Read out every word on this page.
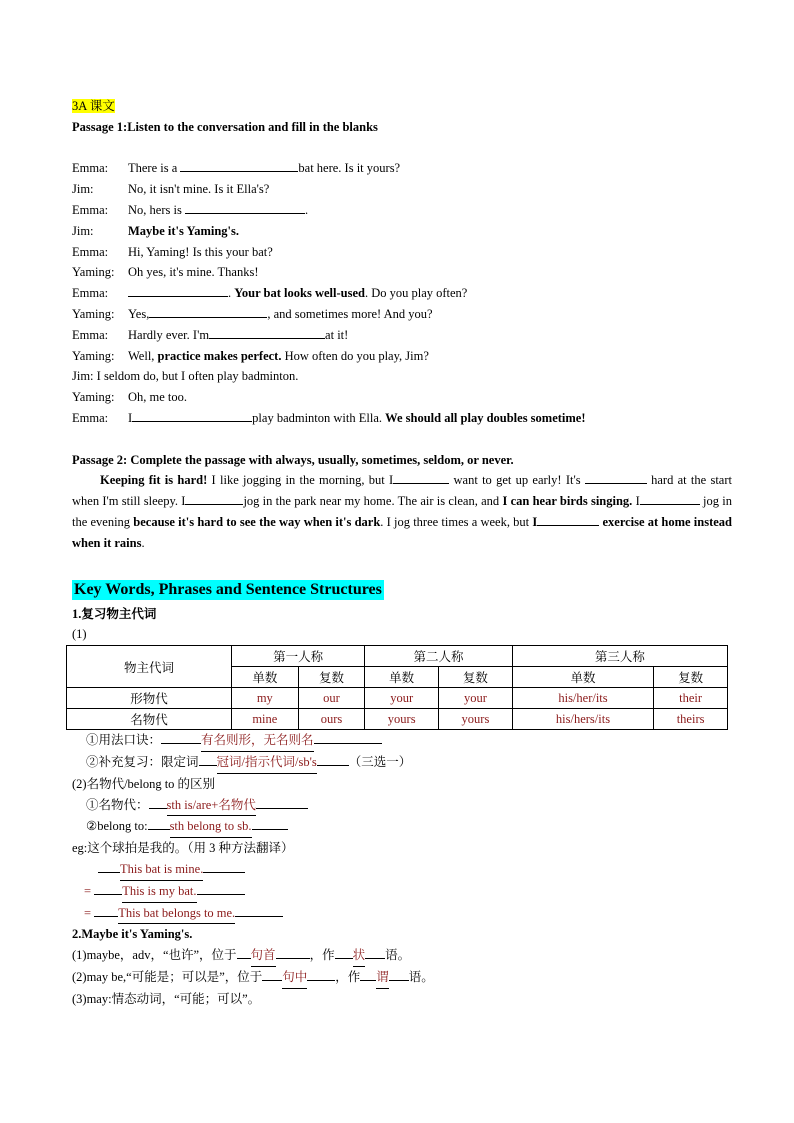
3A 课文
Passage 1:Listen to the conversation and fill in the blanks
Emma:	There is a	bat here. Is it yours?
Jim:	No, it isn't mine. Is it Ella's?
Emma:	No, hers is	.
Jim:	Maybe it's Yaming's.
Emma:	Hi, Yaming! Is this your bat?
Yaming:	Oh yes, it's mine. Thanks!
Emma:	. Your bat looks well-used. Do you play often?
Yaming:	Yes,	, and sometimes more! And you?
Emma:	Hardly ever. I'm	at it!
Yaming:	Well, practice makes perfect. How often do you play, Jim?
Jim: I seldom do, but I often play badminton.
Yaming:	Oh, me too.
Emma:	I	play badminton with Ella. We should all play doubles sometime!
Passage 2: Complete the passage with always, usually, sometimes, seldom, or never.
Keeping fit is hard! I like jogging in the morning, but I	want to get up early! It's	hard at the start when I'm still sleepy. I	jog in the park near my home. The air is clean, and I can hear birds singing. I	jog in the evening because it's hard to see the way when it's dark. I jog three times a week, but I	exercise at home instead when it rains.
Key Words, Phrases and Sentence Structures
1.复习物主代词
(1)
物主代词	第一人称		第二人称		第三人称	
	单数	复数	单数	复数	单数	复数
形物代	my	our	your	your	his/her/its	their
名物代	mine	ours	yours	yours	his/hers/its	theirs
①用法口诀：	有名则形，无名则名
②补充复习：限定词 冠词/指示代词/sb's	（三选一）
(2)名物代/belong to 的区别
①名物代： sth is/are+名物代
②belong to: sth belong to sb.
eg:这个球拍是我的。（用 3 种方法翻译）
This bat is mine.
= This is my bat.
= This bat belongs to me.
2.Maybe it's Yaming's.
(1)maybe，adv，“也许”，位于 句首	，作 状 语。
(2)may be,“可能是；可以是”，位于 句中 ，作 谓 语。
(3)may:情态动词，“可能；可以”。
